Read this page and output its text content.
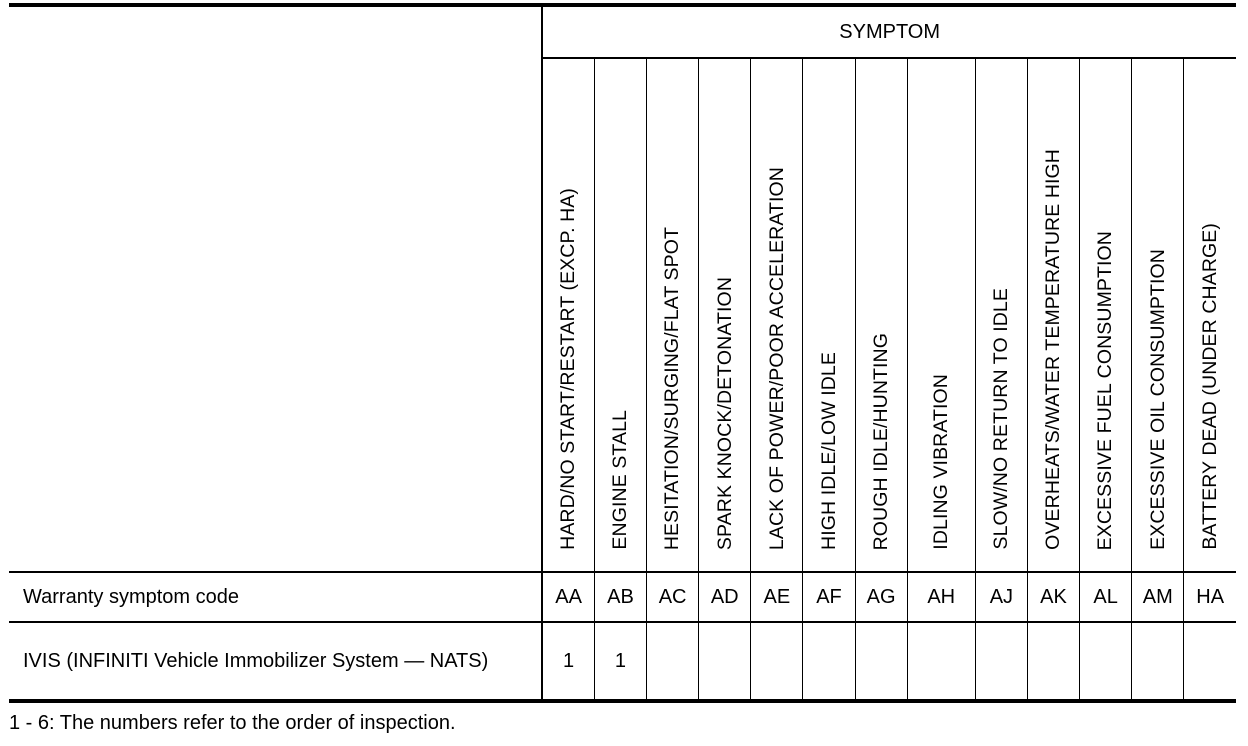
	SYMPTOM												
	HARD/NO START/RESTART (EXCP. HA)	ENGINE STALL	HESITATION/SURGING/FLAT SPOT	SPARK KNOCK/DETONATION	LACK OF POWER/POOR ACCELERATION	HIGH IDLE/LOW IDLE	ROUGH IDLE/HUNTING	IDLING VIBRATION	SLOW/NO RETURN TO IDLE	OVERHEATS/WATER TEMPERATURE HIGH	EXCESSIVE FUEL CONSUMPTION	EXCESSIVE OIL CONSUMPTION	BATTERY DEAD (UNDER CHARGE)
Warranty symptom code	AA	AB	AC	AD	AE	AF	AG	AH	AJ	AK	AL	AM	HA
IVIS (INFINITI Vehicle Immobilizer System — NATS)	1	1											
1 - 6: The numbers refer to the order of inspection.
